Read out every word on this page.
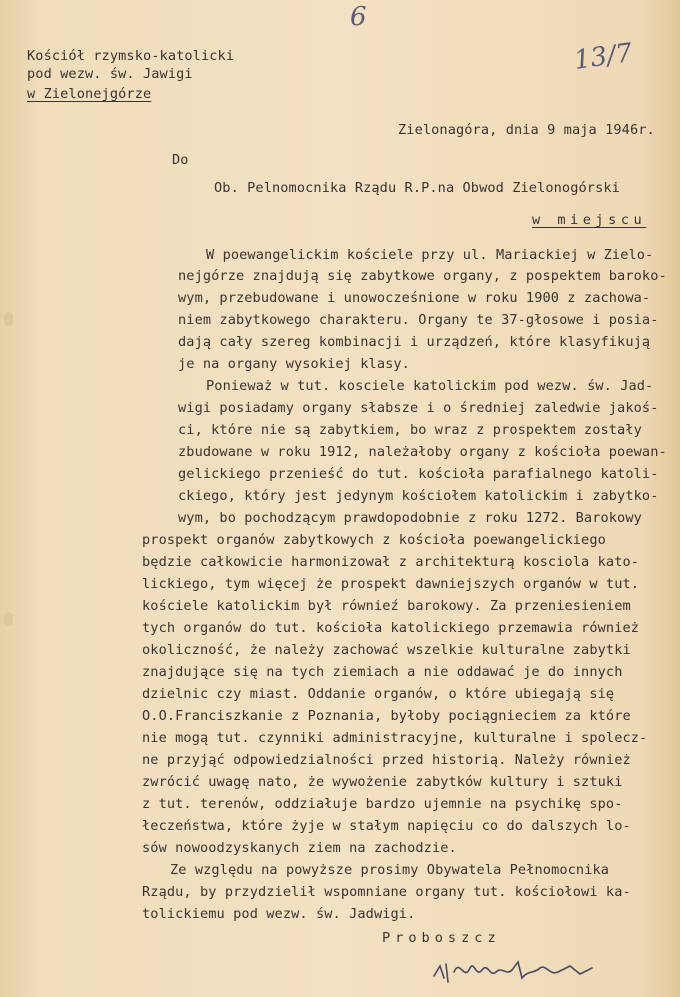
6
13/7
Kościół rzymsko-katolicki
pod wezw. św. Jawigi
w Zielonejgórze
Zielonagóra, dnia 9 maja 1946r.
Do
Ob. Pelnomocnika Rządu R.P.na Obwod Zielonogórski
w miejscu
W poewangelickim kościele przy ul. Mariackiej w Zielo-
nejgórze znajdują się zabytkowe organy, z pospektem baroko-
wym, przebudowane i unowocześnione w roku 1900 z zachowa-
niem zabytkowego charakteru. Organy te 37-głosowe i posia-
dają cały szereg kombinacji i urządzeń, które klasyfikują
je na organy wysokiej klasy.
Ponieważ w tut. kosciele katolickim pod wezw. św. Jad-
wigi posiadamy organy słabsze i o średniej zaledwie jakoś-
ci, które nie są zabytkiem, bo wraz z prospektem zostały
zbudowane w roku 1912, należałoby organy z kościoła poewan-
gelickiego przenieść do tut. kościoła parafialnego katoli-
ckiego, który jest jedynym kościołem katolickim i zabytko-
wym, bo pochodzącym prawdopodobnie z roku 1272. Barokowy
prospekt organów zabytkowych z kościoła poewangelickiego
będzie całkowicie harmonizował z architekturą kosciola kato-
lickiego, tym więcej że prospekt dawniejszych organów w tut.
kościele katolickim był równieź barokowy. Za przeniesieniem
tych organów do tut. kościoła katolickiego przemawia również
okoliczność, że należy zachować wszelkie kulturalne zabytki
znajdujące się na tych ziemiach a nie oddawać je do innych
dzielnic czy miast. Oddanie organów, o które ubiegają się
O.O.Franciszkanie z Poznania, byłoby pociągnieciem za które
nie mogą tut. czynniki administracyjne, kulturalne i spolecz-
ne przyjąć odpowiedzialności przed historią. Należy również
zwrócić uwagę nato, że wywożenie zabytków kultury i sztuki
z tut. terenów, oddziałuje bardzo ujemnie na psychikę spo-
łeczeństwa, które żyje w stałym napięciu co do dalszych lo-
sów nowoodzyskanych ziem na zachodzie.
Ze względu na powyższe prosimy Obywatela Pełnomocnika
Rządu, by przydzielił wspomniane organy tut. kościołowi ka-
tolickiemu pod wezw. św. Jadwigi.
Proboszcz
